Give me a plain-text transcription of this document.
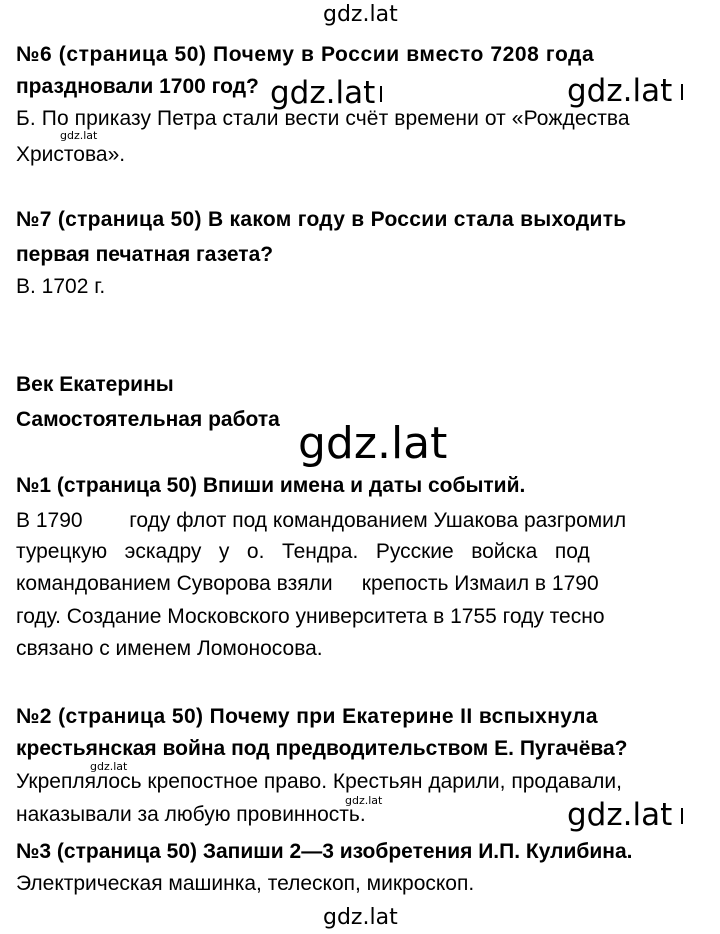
gdz.lat
№6 (страница 50) Почему в России вместо 7208 года
праздновали 1700 год? gdz.lat	gdz.lat
Б. По приказу Петра стали вести счёт времени от «Рождества
gdz.lat
Христова».
№7 (страница 50) В каком году в России стала выходить
первая печатная газета?
В. 1702 г.
Век Екатерины
Самостоятельная работа gdz.lat
№1 (страница 50) Впиши имена и даты событий.
В 1790        году флот под командованием Ушакова разгромил
турецкую   эскадру   у   о.   Тендра.   Русские   войска   под
командованием Суворова взяли     крепость Измаил в 1790
году. Создание Московского университета в 1755 году тесно
связано с именем Ломоносова.
№2 (страница 50) Почему при Екатерине II вспыхнула
крестьянская война под предводительством Е. Пугачёва?
gdz.lat
Укреплялось крепостное право. Крестьян дарили, продавали,
gdz.lat
наказывали за любую провинность.	gdz.lat
№3 (страница 50) Запиши 2—3 изобретения И.П. Кулибина.
Электрическая машинка, телескоп, микроскоп.
gdz.lat
